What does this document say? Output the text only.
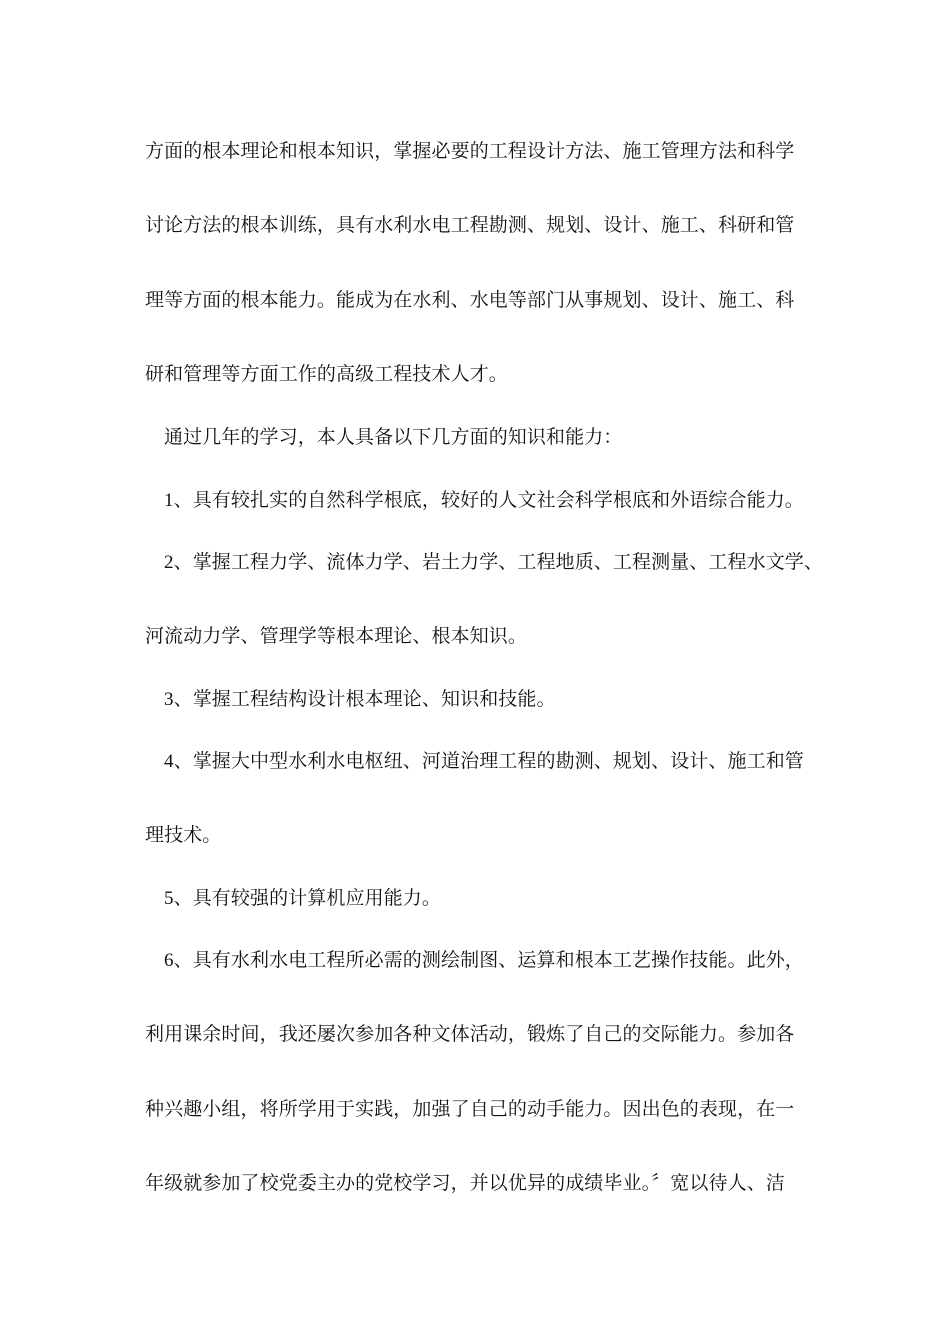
方面的根本理论和根本知识，掌握必要的工程设计方法、施工管理方法和科学
讨论方法的根本训练，具有水利水电工程勘测、规划、设计、施工、科研和管
理等方面的根本能力。能成为在水利、水电等部门从事规划、设计、施工、科
研和管理等方面工作的高级工程技术人才。
通过几年的学习，本人具备以下几方面的知识和能力：
1、具有较扎实的自然科学根底，较好的人文社会科学根底和外语综合能力。
2、掌握工程力学、流体力学、岩土力学、工程地质、工程测量、工程水文学、
河流动力学、管理学等根本理论、根本知识。
3、掌握工程结构设计根本理论、知识和技能。
4、掌握大中型水利水电枢纽、河道治理工程的勘测、规划、设计、施工和管
理技术。
5、具有较强的计算机应用能力。
6、具有水利水电工程所必需的测绘制图、运算和根本工艺操作技能。此外，
利用课余时间，我还屡次参加各种文体活动，锻炼了自己的交际能力。参加各
种兴趣小组，将所学用于实践，加强了自己的动手能力。因出色的表现，在一
年级就参加了校党委主办的党校学习，并以优异的成绩毕业。〞宽以待人、洁
